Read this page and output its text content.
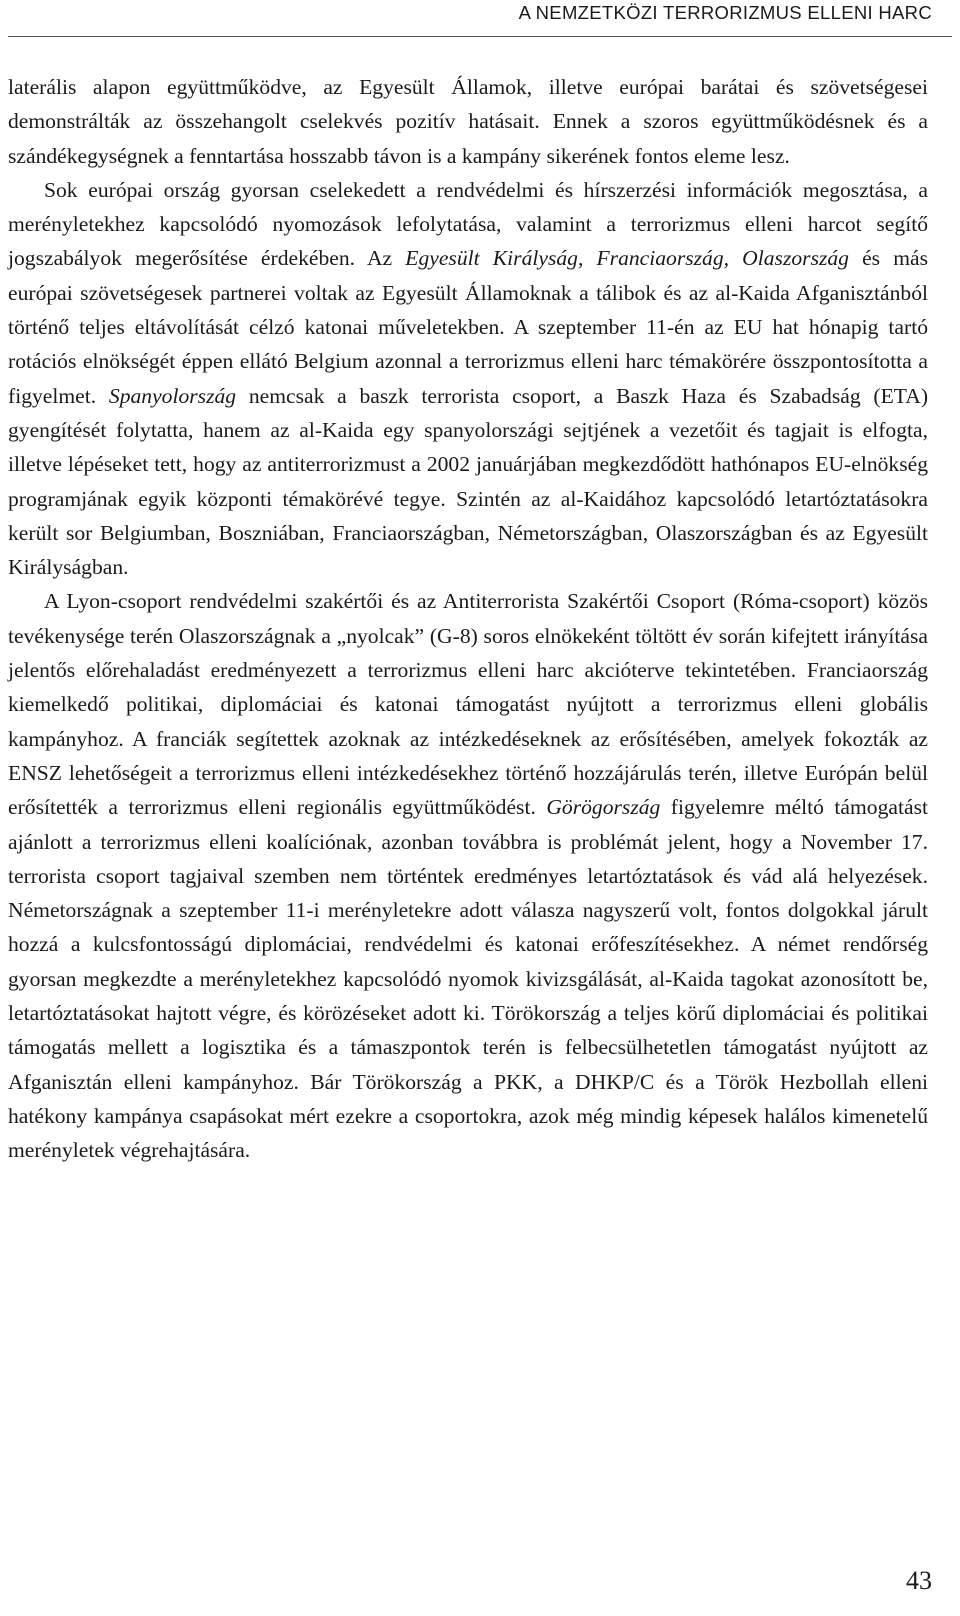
A NEMZETKÖZI TERRORIZMUS ELLENI HARC

laterális alapon együttműködve, az Egyesült Államok, illetve európai barátai és szövetségesei demonstrálták az összehangolt cselekvés pozitív hatásait. Ennek a szoros együttműködésnek és a szándékegységnek a fenntartása hosszabb távon is a kampány sikerének fontos eleme lesz.

Sok európai ország gyorsan cselekedett a rendvédelmi és hírszerzési információk megosztása, a merényletekhez kapcsolódó nyomozások lefolytatása, valamint a terrorizmus elleni harcot segítő jogszabályok megerősítése érdekében. Az Egyesült Királyság, Franciaország, Olaszország és más európai szövetségesek partnerei voltak az Egyesült Államoknak a tálibok és az al-Kaida Afganisztánból történő teljes eltávolítását célzó katonai műveletekben. A szeptember 11-én az EU hat hónapig tartó rotációs elnökségét éppen ellátó Belgium azonnal a terrorizmus elleni harc témakörére összpontosította a figyelmet. Spanyolország nemcsak a baszk terrorista csoport, a Baszk Haza és Szabadság (ETA) gyengítését folytatta, hanem az al-Kaida egy spanyolországi sejtjének a vezetőit és tagjait is elfogta, illetve lépéseket tett, hogy az antiterrorizmust a 2002 januárjában megkezdődött hathónapos EU-elnökség programjának egyik központi témakörévé tegye. Szintén az al-Kaidához kapcsolódó letartóztatásokra került sor Belgiumban, Boszniában, Franciaországban, Németországban, Olaszországban és az Egyesült Királyságban.

A Lyon-csoport rendvédelmi szakértői és az Antiterrorista Szakértői Csoport (Róma-csoport) közös tevékenysége terén Olaszországnak a „nyolcak” (G-8) soros elnökeként töltött év során kifejtett irányítása jelentős előrehaladást eredményezett a terrorizmus elleni harc akcióterve tekintetében. Franciaország kiemelkedő politikai, diplomáciai és katonai támogatást nyújtott a terrorizmus elleni globális kampányhoz. A franciák segítettek azoknak az intézkedéseknek az erősítésében, amelyek fokozták az ENSZ lehetőségeit a terrorizmus elleni intézkedésekhez történő hozzájárulás terén, illetve Európán belül erősítették a terrorizmus elleni regionális együttműködést. Görögország figyelemre méltó támogatást ajánlott a terrorizmus elleni koalíciónak, azonban továbbra is problémát jelent, hogy a November 17. terrorista csoport tagjaival szemben nem történtek eredményes letartóztatások és vád alá helyezések. Németországnak a szeptember 11-i merényletekre adott válasza nagyszerű volt, fontos dolgokkal járult hozzá a kulcsfontosságú diplomáciai, rendvédelmi és katonai erőfeszítésekhez. A német rendőrség gyorsan megkezdte a merényletekhez kapcsolódó nyomok kivizsgálását, al-Kaida tagokat azonosított be, letartóztatásokat hajtott végre, és körözéseket adott ki. Törökország a teljes körű diplomáciai és politikai támogatás mellett a logisztika és a támaszpontok terén is felbecsülhetetlen támogatást nyújtott az Afganisztán elleni kampányhoz. Bár Törökország a PKK, a DHKP/C és a Török Hezbollah elleni hatékony kampánya csapásokat mért ezekre a csoportokra, azok még mindig képesek halálos kimenetelű merényletek végrehajtására.

43
